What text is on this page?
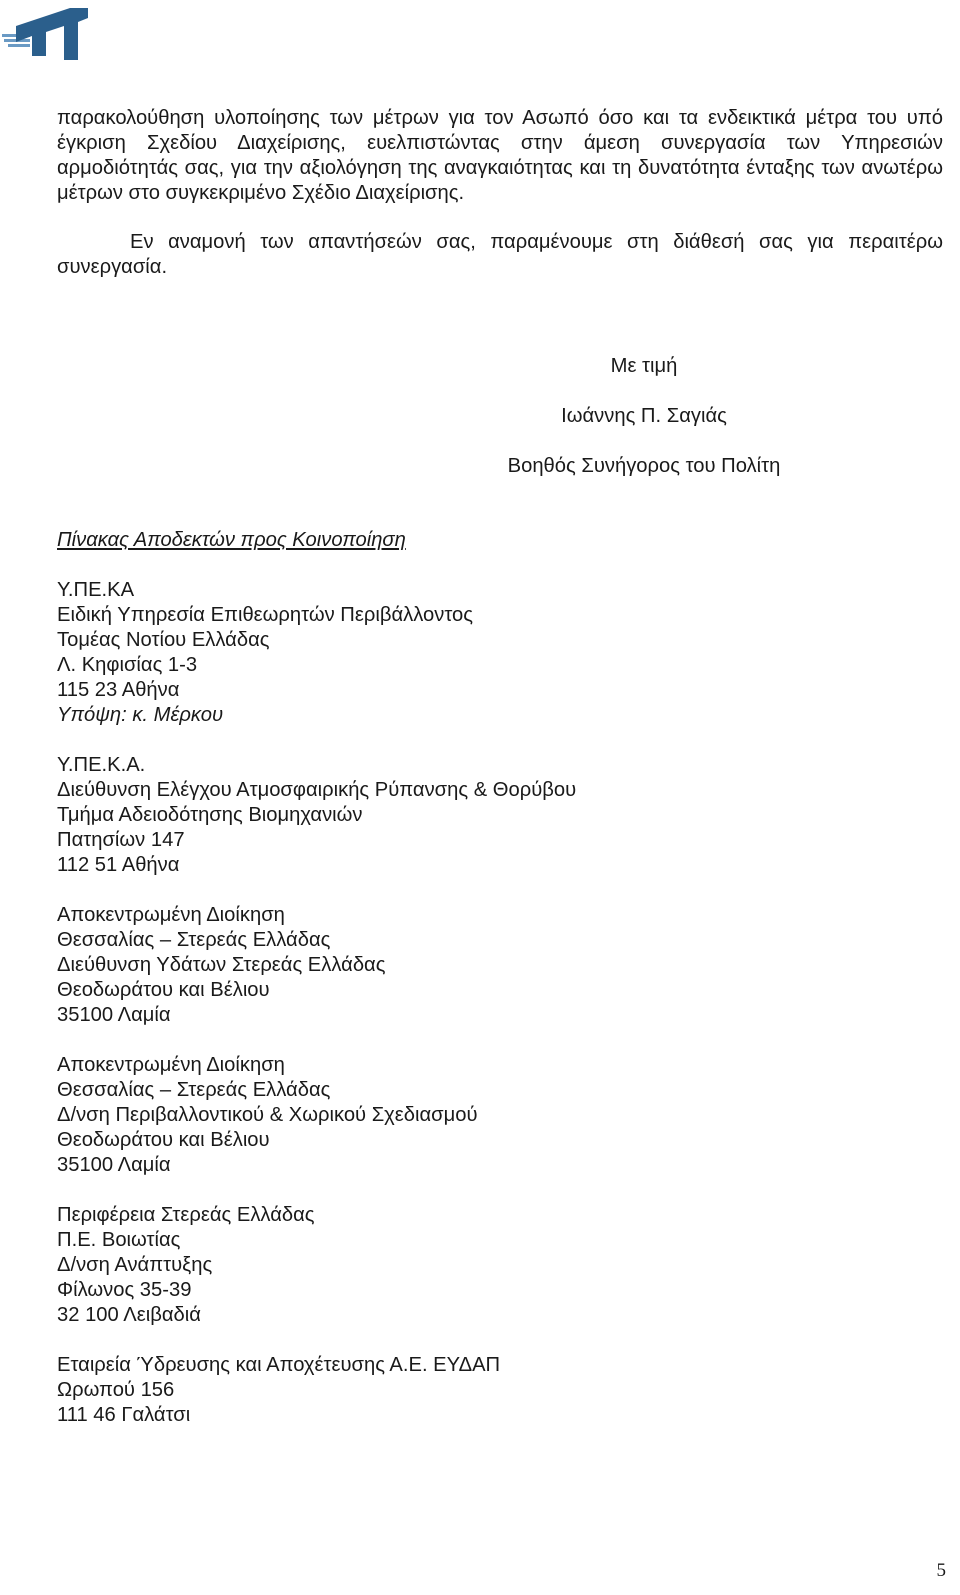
παρακολούθηση υλοποίησης των μέτρων για τον Ασωπό όσο και τα ενδεικτικά μέτρα του υπό έγκριση Σχεδίου Διαχείρισης, ευελπιστώντας στην άμεση συνεργασία των Υπηρεσιών αρμοδιότητάς σας, για την αξιολόγηση της αναγκαιότητας και τη δυνατότητα ένταξης των ανωτέρω μέτρων στο συγκεκριμένο Σχέδιο Διαχείρισης.

Εν αναμονή των απαντήσεών σας, παραμένουμε στη διάθεσή σας για περαιτέρω συνεργασία.

Με τιμή
Ιωάννης Π. Σαγιάς
Βοηθός Συνήγορος του Πολίτη
Πίνακας Αποδεκτών προς Κοινοποίηση
Υ.ΠΕ.ΚΑ
Ειδική Υπηρεσία Επιθεωρητών Περιβάλλοντος
Τομέας Νοτίου Ελλάδας
Λ. Κηφισίας 1-3
115 23 Αθήνα
Υπόψη: κ. Μέρκου
Υ.ΠΕ.Κ.Α.
Διεύθυνση Ελέγχου Ατμοσφαιρικής Ρύπανσης & Θορύβου
Τμήμα Αδειοδότησης Βιομηχανιών
Πατησίων 147
112 51 Αθήνα
Αποκεντρωμένη Διοίκηση
Θεσσαλίας – Στερεάς Ελλάδας
Διεύθυνση Υδάτων Στερεάς Ελλάδας
Θεοδωράτου και Βέλιου
35100 Λαμία
Αποκεντρωμένη Διοίκηση
Θεσσαλίας – Στερεάς Ελλάδας
Δ/νση Περιβαλλοντικού & Χωρικού Σχεδιασμού
Θεοδωράτου και Βέλιου
35100 Λαμία
Περιφέρεια Στερεάς Ελλάδας
Π.Ε. Βοιωτίας
Δ/νση Ανάπτυξης
Φίλωνος 35-39
32 100 Λειβαδιά
Εταιρεία Ύδρευσης και Αποχέτευσης Α.Ε. ΕΥΔΑΠ
Ωρωπού 156
111 46 Γαλάτσι
5
